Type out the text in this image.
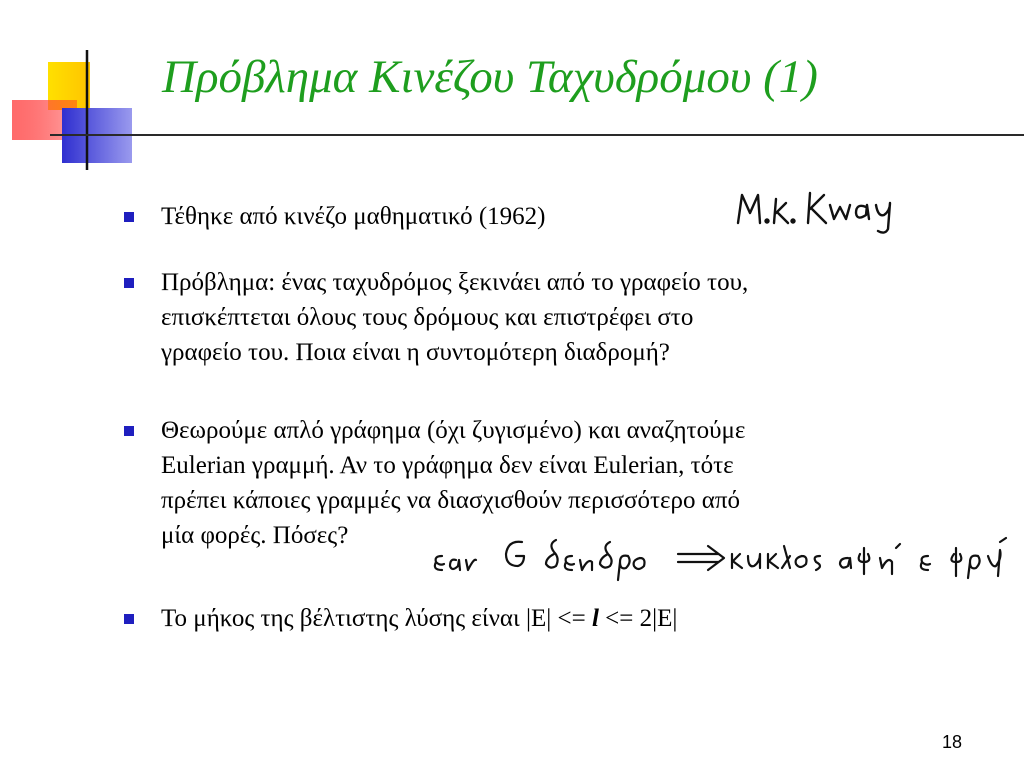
Πρόβλημα Κινέζου Ταχυδρόμου (1)
Τέθηκε από κινέζο μαθηματικό (1962)
Πρόβλημα: ένας ταχυδρόμος ξεκινάει από το γραφείο του,
επισκέπτεται όλους τους δρόμους και επιστρέφει στο
γραφείο του. Ποια είναι η συντομότερη διαδρομή?
Θεωρούμε απλό γράφημα (όχι ζυγισμένο) και αναζητούμε
Eulerian γραμμή. Αν το γράφημα δεν είναι Eulerian, τότε
πρέπει κάποιες γραμμές να διασχισθούν περισσότερο από
μία φορές. Πόσες?
Το μήκος της βέλτιστης λύσης είναι |E| <= l <= 2|E|
18
